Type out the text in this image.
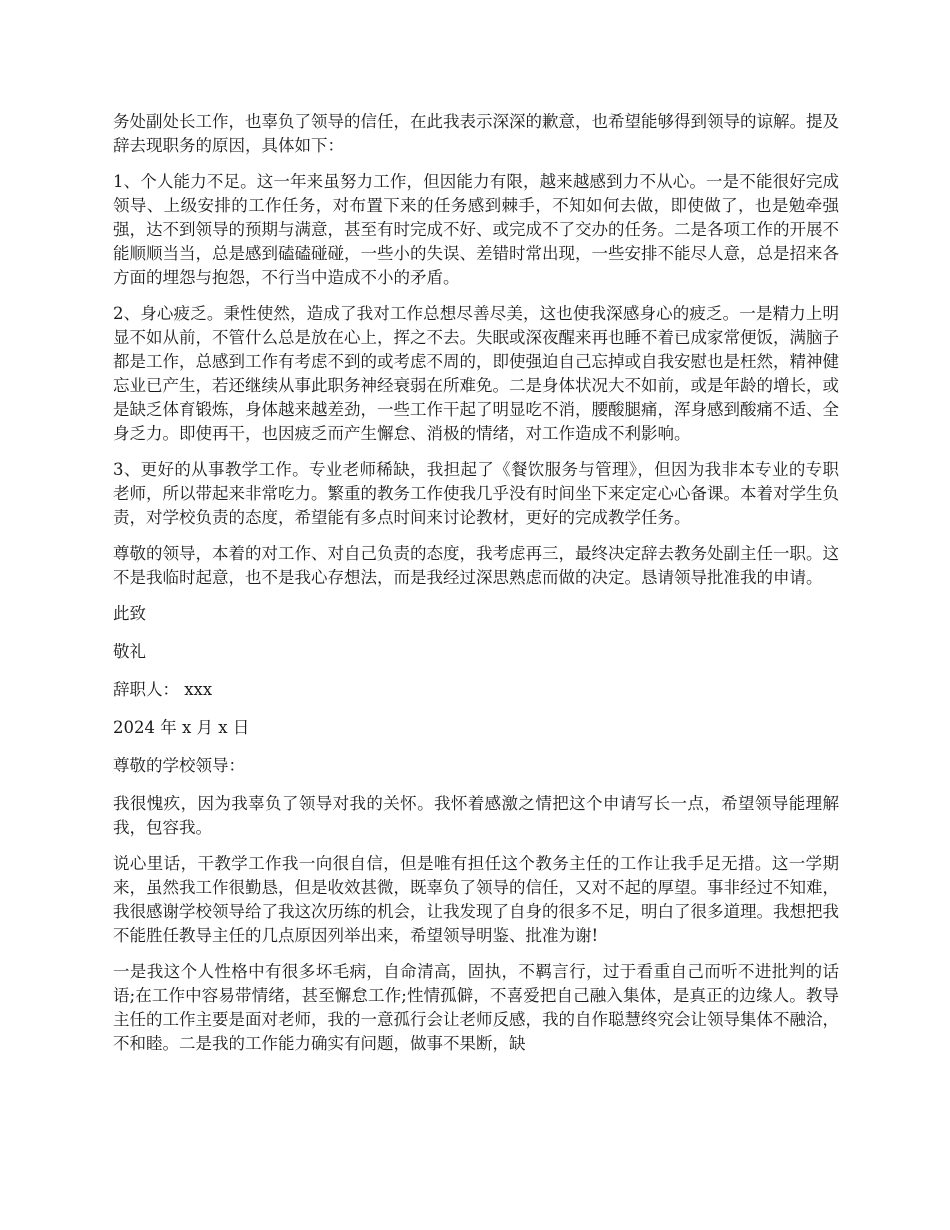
务处副处长工作，也辜负了领导的信任，在此我表示深深的歉意，也希望能够得到领导的谅解。提及辞去现职务的原因，具体如下：

1、个人能力不足。这一年来虽努力工作，但因能力有限，越来越感到力不从心。一是不能很好完成领导、上级安排的工作任务，对布置下来的任务感到棘手，不知如何去做，即使做了，也是勉牵强强，达不到领导的预期与满意，甚至有时完成不好、或完成不了交办的任务。二是各项工作的开展不能顺顺当当，总是感到磕磕碰碰，一些小的失误、差错时常出现，一些安排不能尽人意，总是招来各方面的埋怨与抱怨，不行当中造成不小的矛盾。

2、身心疲乏。秉性使然，造成了我对工作总想尽善尽美，这也使我深感身心的疲乏。一是精力上明显不如从前，不管什么总是放在心上，挥之不去。失眠或深夜醒来再也睡不着已成家常便饭，满脑子都是工作，总感到工作有考虑不到的或考虑不周的，即使强迫自己忘掉或自我安慰也是枉然，精神健忘业已产生，若还继续从事此职务神经衰弱在所难免。二是身体状况大不如前，或是年龄的增长，或是缺乏体育锻炼，身体越来越差劲，一些工作干起了明显吃不消，腰酸腿痛，浑身感到酸痛不适、全身乏力。即使再干，也因疲乏而产生懈怠、消极的情绪，对工作造成不利影响。

3、更好的从事教学工作。专业老师稀缺，我担起了《餐饮服务与管理》，但因为我非本专业的专职老师，所以带起来非常吃力。繁重的教务工作使我几乎没有时间坐下来定定心心备课。本着对学生负责，对学校负责的态度，希望能有多点时间来讨论教材，更好的完成教学任务。

尊敬的领导，本着的对工作、对自己负责的态度，我考虑再三，最终决定辞去教务处副主任一职。这不是我临时起意，也不是我心存想法，而是我经过深思熟虑而做的决定。恳请领导批准我的申请。

此致

敬礼

辞职人： xxx

2024 年 x 月 x 日

尊敬的学校领导：

我很愧疚，因为我辜负了领导对我的关怀。我怀着感激之情把这个申请写长一点，希望领导能理解我，包容我。

说心里话，干教学工作我一向很自信，但是唯有担任这个教务主任的工作让我手足无措。这一学期来，虽然我工作很勤恳，但是收效甚微，既辜负了领导的信任，又对不起的厚望。事非经过不知难，我很感谢学校领导给了我这次历练的机会，让我发现了自身的很多不足，明白了很多道理。我想把我不能胜任教导主任的几点原因列举出来，希望领导明鉴、批准为谢!

一是我这个人性格中有很多坏毛病，自命清高，固执，不羁言行，过于看重自己而听不进批判的话语;在工作中容易带情绪，甚至懈怠工作;性情孤僻，不喜爱把自己融入集体，是真正的边缘人。教导主任的工作主要是面对老师，我的一意孤行会让老师反感，我的自作聪慧终究会让领导集体不融洽，不和睦。二是我的工作能力确实有问题，做事不果断，缺
